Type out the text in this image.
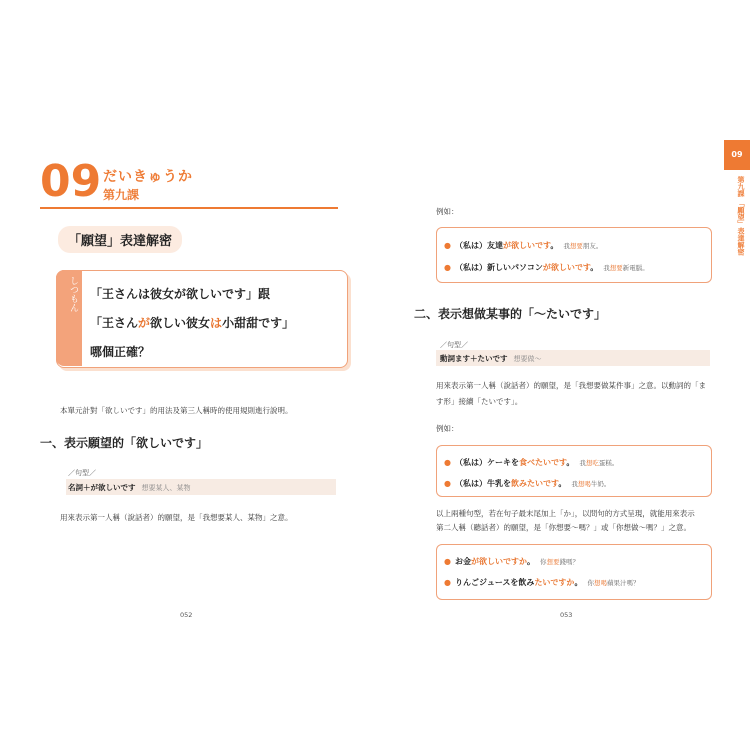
09 だいきゅうか
第九課
「願望」表達解密
しつもん 「王さんは彼女が欲しいです」跟
「王さんが欲しい彼女は小甜甜です」
哪個正確？
本單元計對「欲しいです」的用法及第三人稱時的使用規則進行說明。
一、表示願望的「欲しいです」
／句型／
名詞＋が欲しいです 想要某人、某物
用來表示第一人稱（說話者）的願望，是「我想要某人、某物」之意。
052
09
第九課 「願望」表達解密
例如：
● （私は）友達が欲しいです。 我想要朋友。
● （私は）新しいパソコンが欲しいです。 我想要新電腦。
二、表示想做某事的「～たいです」
／句型／
動詞ます＋たいです 想要做～
用來表示第一人稱（說話者）的願望，是「我想要做某件事」之意。以動詞的「ま
す形」接續「たいです」。
例如：
● （私は）ケーキを食べたいです。 我想吃蛋糕。
● （私は）牛乳を飲みたいです。 我想喝牛奶。
以上兩種句型，若在句子最末尾加上「か」，以問句的方式呈現，就能用來表示
第二人稱（聽話者）的願望，是「你想要～嗎？」或「你想做～嗎？」之意。
● お金が欲しいですか。 你想要錢嗎？
● りんごジュースを飲みたいですか。 你想喝蘋果汁嗎？
053
